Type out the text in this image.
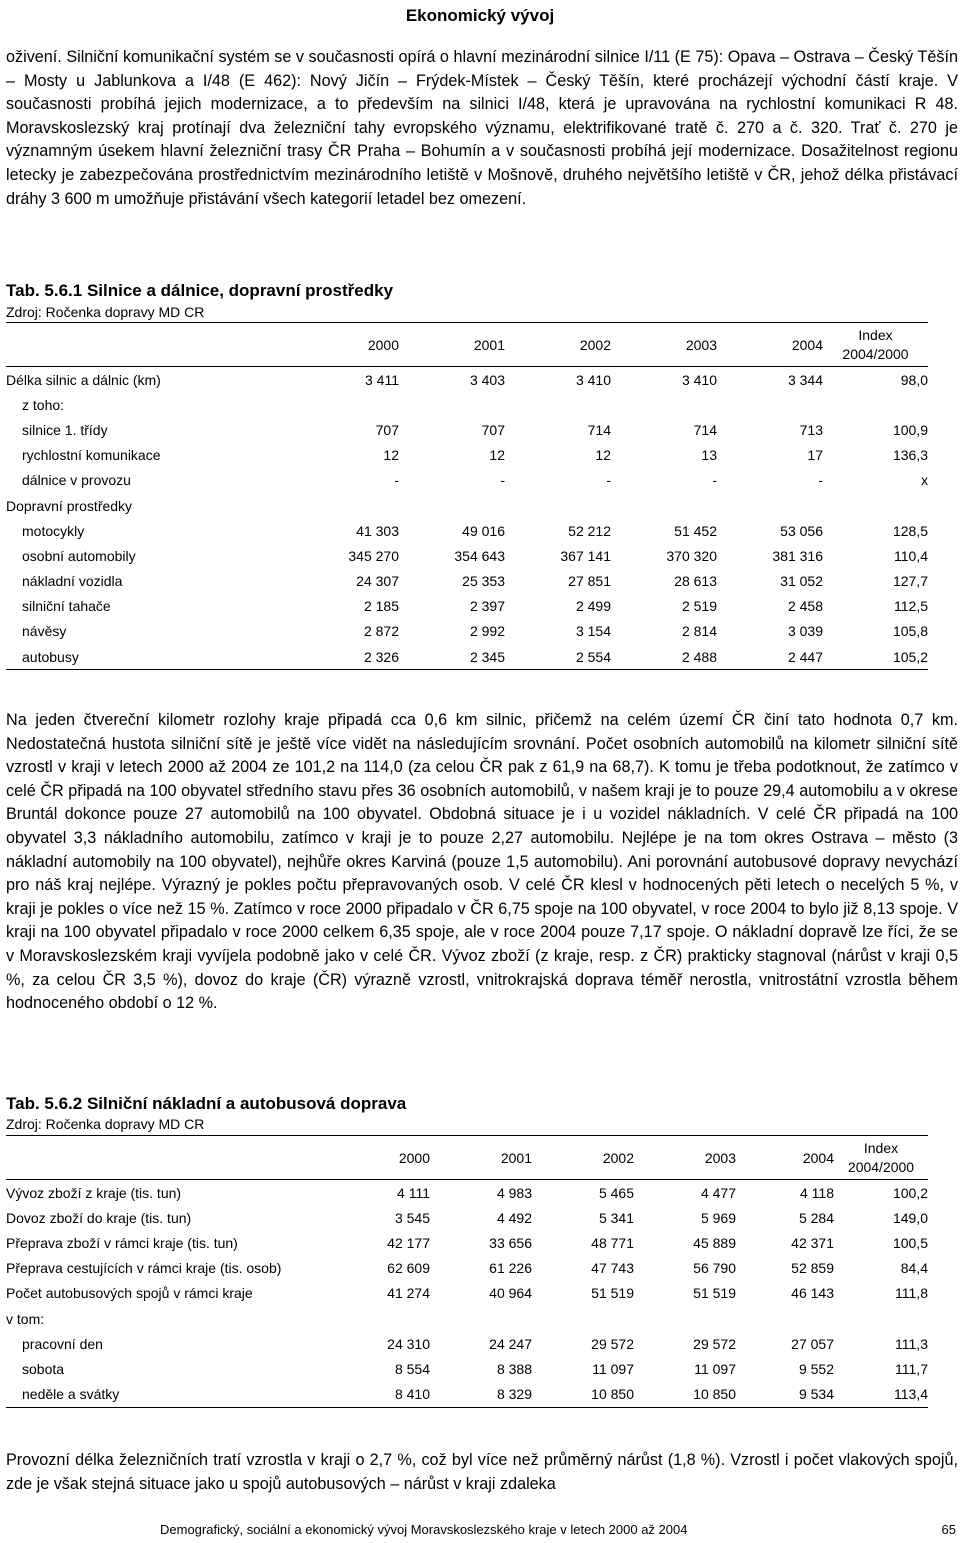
Ekonomický vývoj

oživení. Silniční komunikační systém se v současnosti opírá o hlavní mezinárodní silnice I/11 (E 75): Opava – Ostrava – Český Těšín – Mosty u Jablunkova a I/48 (E 462): Nový Jičín – Frýdek-Místek – Český Těšín, které procházejí východní částí kraje. V současnosti probíhá jejich modernizace, a to především na silnici I/48, která je upravována na rychlostní komunikaci R 48. Moravskoslezský kraj protínají dva železniční tahy evropského významu, elektrifikované tratě č. 270 a č. 320. Trať č. 270 je významným úsekem hlavní železniční trasy ČR Praha – Bohumín a v současnosti probíhá její modernizace. Dosažitelnost regionu letecky je zabezpečována prostřednictvím mezinárodního letiště v Mošnově, druhého největšího letiště v ČR, jehož délka přistávací dráhy 3 600 m umožňuje přistávání všech kategorií letadel bez omezení.

Tab. 5.6.1 Silnice a dálnice, dopravní prostředky

Zdroj: Ročenka dopravy MD CR

	2000	2001	2002	2003	2004	Index
2004/2000

Délka silnic a dálnic (km)	3 411	3 403	3 410	3 410	3 344	98,0
z toho:						
silnice 1. třídy	707	707	714	714	713	100,9
rychlostní komunikace	12	12	12	13	17	136,3
dálnice v provozu	-	-	-	-	-	x
Dopravní prostředky						
motocykly	41 303	49 016	52 212	51 452	53 056	128,5
osobní automobily	345 270	354 643	367 141	370 320	381 316	110,4
nákladní vozidla	24 307	25 353	27 851	28 613	31 052	127,7
silniční tahače	2 185	2 397	2 499	2 519	2 458	112,5
návěsy	2 872	2 992	3 154	2 814	3 039	105,8
autobusy	2 326	2 345	2 554	2 488	2 447	105,2

Na jeden čtvereční kilometr rozlohy kraje připadá cca 0,6 km silnic, přičemž na celém území ČR činí tato hodnota 0,7 km. Nedostatečná hustota silniční sítě je ještě více vidět na následujícím srovnání. Počet osobních automobilů na kilometr silniční sítě vzrostl v kraji v letech 2000 až 2004 ze 101,2 na 114,0 (za celou ČR pak z 61,9 na 68,7). K tomu je třeba podotknout, že zatímco v celé ČR připadá na 100 obyvatel středního stavu přes 36 osobních automobilů, v našem kraji je to pouze 29,4 automobilu a v okrese Bruntál dokonce pouze 27 automobilů na 100 obyvatel. Obdobná situace je i u vozidel nákladních. V celé ČR připadá na 100 obyvatel 3,3 nákladního automobilu, zatímco v kraji je to pouze 2,27 automobilu. Nejlépe je na tom okres Ostrava – město (3 nákladní automobily na 100 obyvatel), nejhůře okres Karviná (pouze 1,5 automobilu). Ani porovnání autobusové dopravy nevychází pro náš kraj nejlépe. Výrazný je pokles počtu přepravovaných osob. V celé ČR klesl v hodnocených pěti letech o necelých 5 %, v kraji je pokles o více než 15 %. Zatímco v roce 2000 připadalo v ČR 6,75 spoje na 100 obyvatel, v roce 2004 to bylo již 8,13 spoje. V kraji na 100 obyvatel připadalo v roce 2000 celkem 6,35 spoje, ale v roce 2004 pouze 7,17 spoje. O nákladní dopravě lze říci, že se v Moravskoslezském kraji vyvíjela podobně jako v celé ČR. Vývoz zboží (z kraje, resp. z ČR) prakticky stagnoval (nárůst v kraji 0,5 %, za celou ČR 3,5 %), dovoz do kraje (ČR) výrazně vzrostl, vnitrokrajská doprava téměř nerostla, vnitrostátní vzrostla během hodnoceného období o 12 %.

Tab. 5.6.2 Silniční nákladní a autobusová doprava

Zdroj: Ročenka dopravy MD CR

	2000	2001	2002	2003	2004	Index
2004/2000

Vývoz zboží z kraje (tis. tun)	4 111	4 983	5 465	4 477	4 118	100,2
Dovoz zboží do kraje (tis. tun)	3 545	4 492	5 341	5 969	5 284	149,0
Přeprava zboží v rámci kraje (tis. tun)	42 177	33 656	48 771	45 889	42 371	100,5
Přeprava cestujících v rámci kraje (tis. osob)	62 609	61 226	47 743	56 790	52 859	84,4
Počet autobusových spojů v rámci kraje	41 274	40 964	51 519	51 519	46 143	111,8
v tom:						
pracovní den	24 310	24 247	29 572	29 572	27 057	111,3
sobota	8 554	8 388	11 097	11 097	9 552	111,7
neděle a svátky	8 410	8 329	10 850	10 850	9 534	113,4

Provozní délka železničních tratí vzrostla v kraji o 2,7 %, což byl více než průměrný nárůst (1,8 %). Vzrostl i počet vlakových spojů, zde je však stejná situace jako u spojů autobusových – nárůst v kraji zdaleka

Demografický, sociální a ekonomický vývoj Moravskoslezského kraje v letech 2000 až 2004	65
